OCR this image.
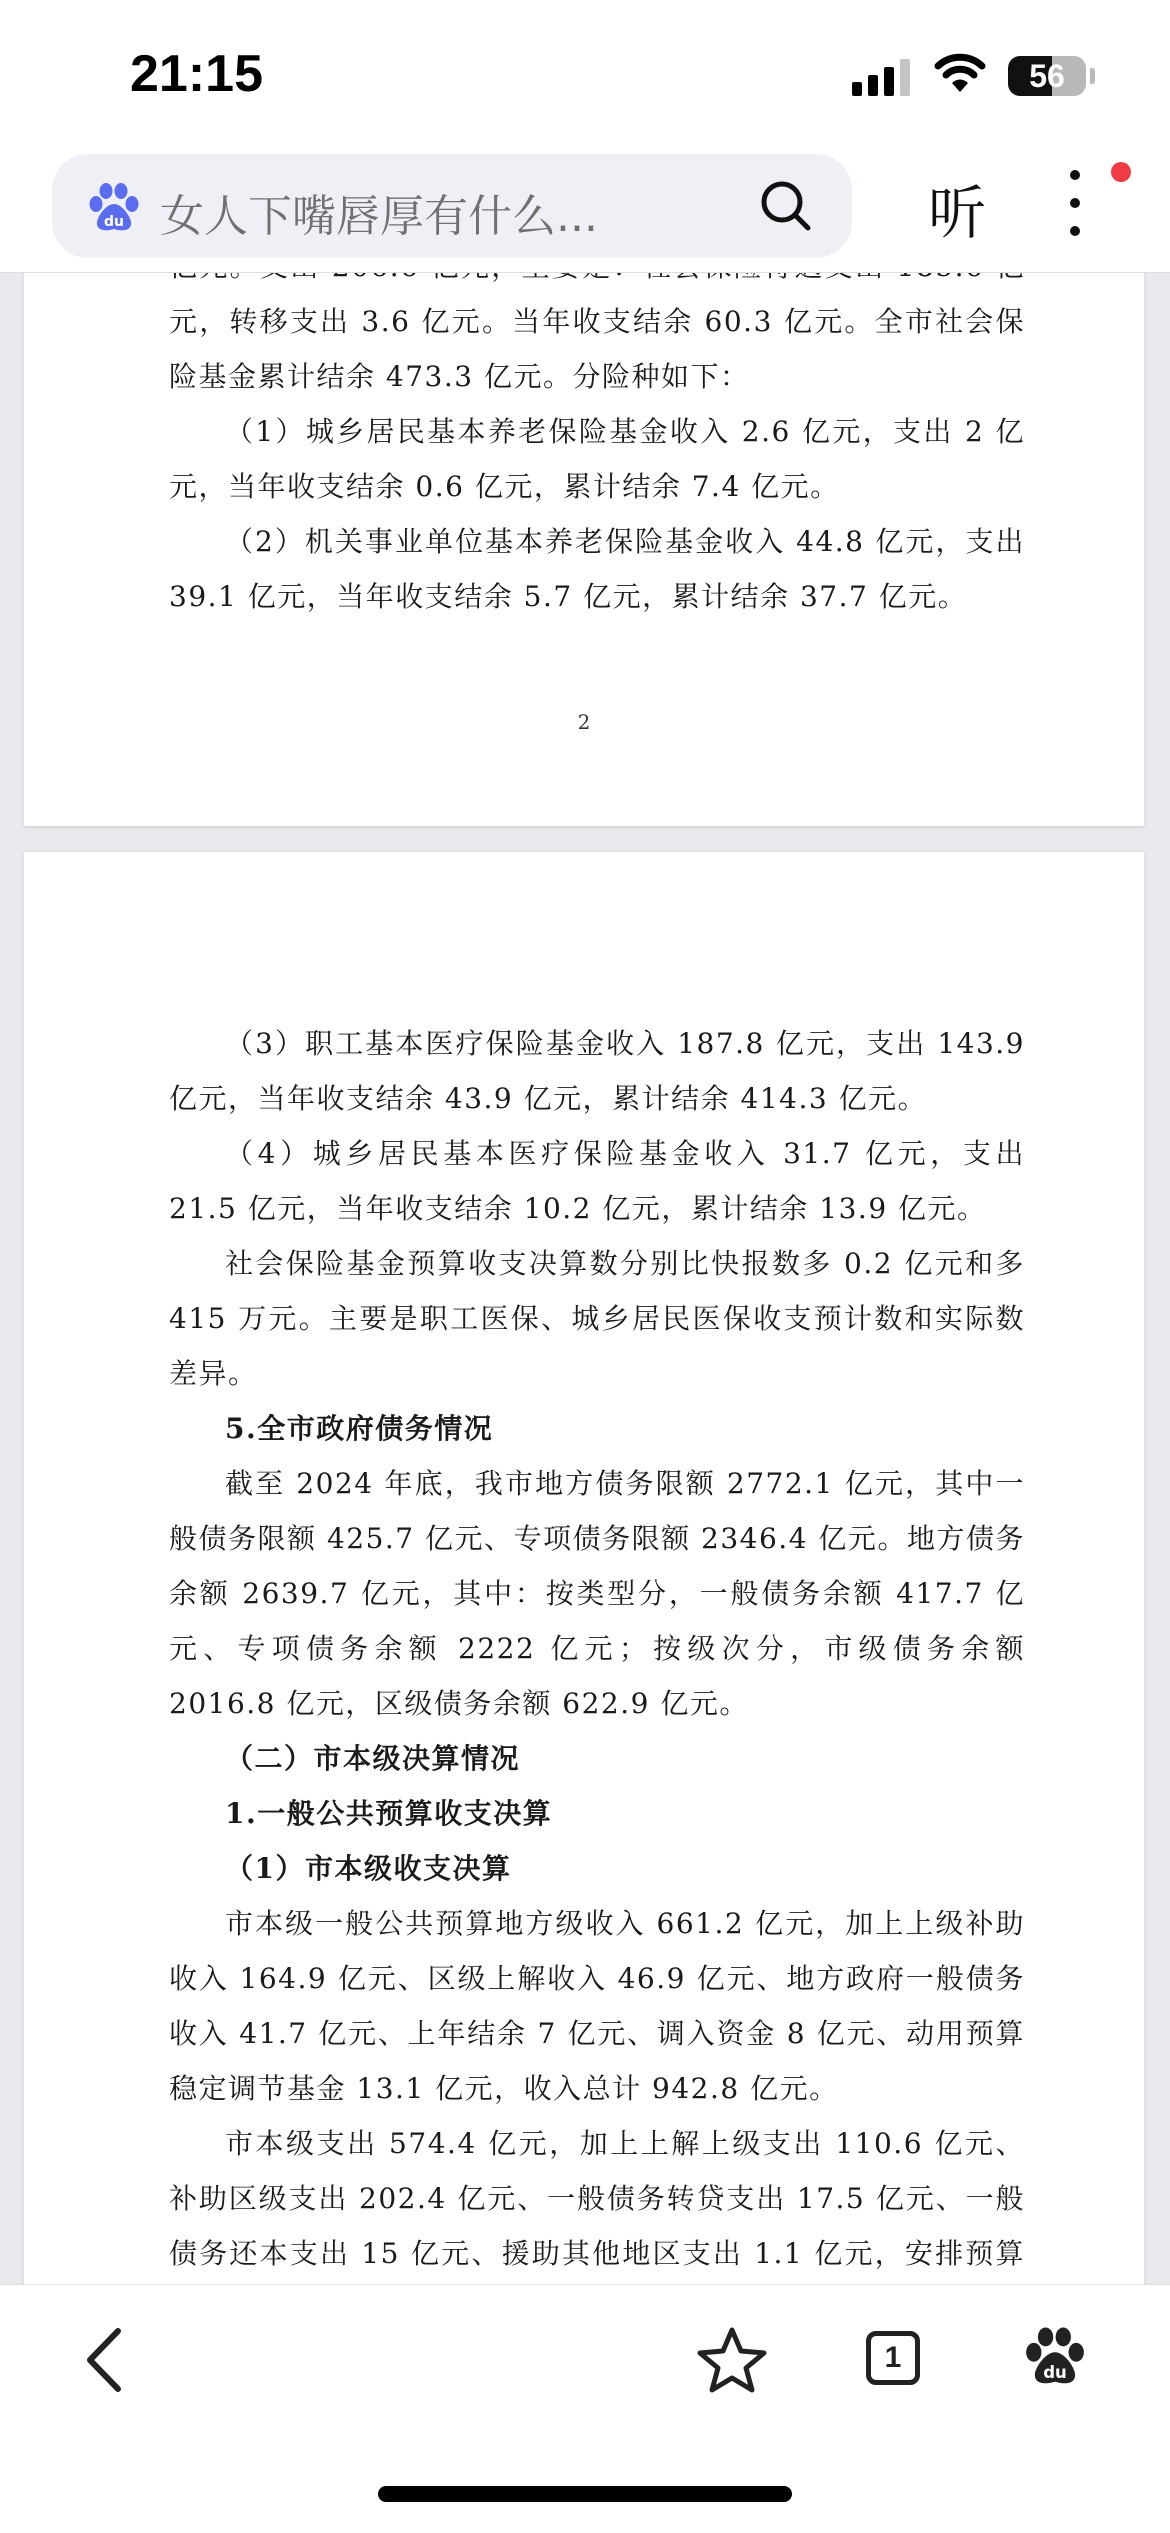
21:15	56
du 女人下嘴唇厚有什么...	听

元，转移支出 3.6 亿元。当年收支结余 60.3 亿元。全市社会保险基金累计结余 473.3 亿元。分险种如下：

（1）城乡居民基本养老保险基金收入 2.6 亿元，支出 2 亿元，当年收支结余 0.6 亿元，累计结余 7.4 亿元。

（2）机关事业单位基本养老保险基金收入 44.8 亿元，支出 39.1 亿元，当年收支结余 5.7 亿元，累计结余 37.7 亿元。

2

（3）职工基本医疗保险基金收入 187.8 亿元，支出 143.9 亿元，当年收支结余 43.9 亿元，累计结余 414.3 亿元。

（4）城乡居民基本医疗保险基金收入 31.7 亿元，支出 21.5 亿元，当年收支结余 10.2 亿元，累计结余 13.9 亿元。

社会保险基金预算收支决算数分别比快报数多 0.2 亿元和多 415 万元。主要是职工医保、城乡居民医保收支预计数和实际数差异。

5.全市政府债务情况

截至 2024 年底，我市地方债务限额 2772.1 亿元，其中一般债务限额 425.7 亿元、专项债务限额 2346.4 亿元。地方债务余额 2639.7 亿元，其中：按类型分，一般债务余额 417.7 亿元、专项债务余额 2222 亿元；按级次分，市级债务余额 2016.8 亿元，区级债务余额 622.9 亿元。

（二）市本级决算情况

1.一般公共预算收支决算

（1）市本级收支决算

市本级一般公共预算地方级收入 661.2 亿元，加上上级补助收入 164.9 亿元、区级上解收入 46.9 亿元、地方政府一般债务收入 41.7 亿元、上年结余 7 亿元、调入资金 8 亿元、动用预算稳定调节基金 13.1 亿元，收入总计 942.8 亿元。

市本级支出 574.4 亿元，加上上解上级支出 110.6 亿元、补助区级支出 202.4 亿元、一般债务转贷支出 17.5 亿元、一般债务还本支出 15 亿元、援助其他地区支出 1.1 亿元，安排预算

1	du
